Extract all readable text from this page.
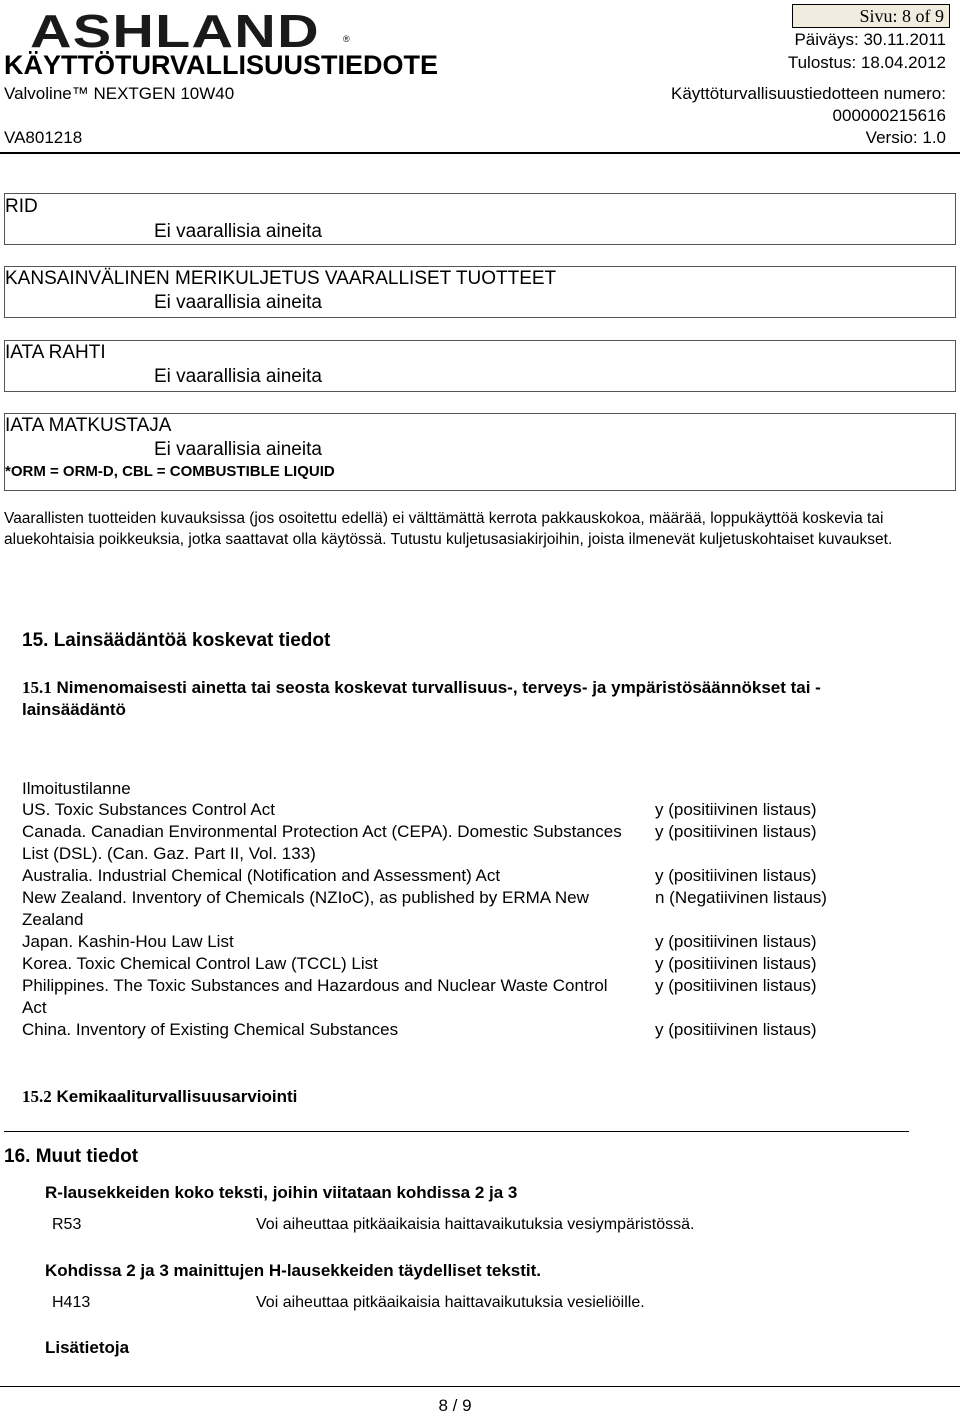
ASHLAND	®
Sivu: 8 of 9
Päiväys: 30.11.2011
KÄYTTÖTURVALLISUUSTIEDOTE	Tulostus: 18.04.2012
Valvoline™ NEXTGEN 10W40	Käyttöturvallisuustiedotteen numero:
000000215616
VA801218	Versio: 1.0
RID
Ei vaarallisia aineita
KANSAINVÄLINEN MERIKULJETUS VAARALLISET TUOTTEET
Ei vaarallisia aineita
IATA RAHTI
Ei vaarallisia aineita
IATA MATKUSTAJA
Ei vaarallisia aineita
*ORM = ORM-D, CBL = COMBUSTIBLE LIQUID
Vaarallisten tuotteiden kuvauksissa (jos osoitettu edellä) ei välttämättä kerrota pakkauskokoa, määrää, loppukäyttöä koskevia tai aluekohtaisia poikkeuksia, jotka saattavat olla käytössä. Tutustu kuljetusasiakirjoihin, joista ilmenevät kuljetuskohtaiset kuvaukset.
15. Lainsäädäntöä koskevat tiedot
15.1 Nimenomaisesti ainetta tai seosta koskevat turvallisuus-, terveys- ja ympäristösäännökset tai -lainsäädäntö
Ilmoitustilanne
US. Toxic Substances Control Act	y (positiivinen listaus)
Canada. Canadian Environmental Protection Act (CEPA). Domestic Substances List (DSL). (Can. Gaz. Part II, Vol. 133)
y (positiivinen listaus)
Australia. Industrial Chemical (Notification and Assessment) Act	y (positiivinen listaus)
New Zealand. Inventory of Chemicals (NZIoC), as published by ERMA New Zealand
n (Negatiivinen listaus)
Japan. Kashin-Hou Law List	y (positiivinen listaus)
Korea. Toxic Chemical Control Law (TCCL) List	y (positiivinen listaus)
Philippines. The Toxic Substances and Hazardous and Nuclear Waste Control Act
y (positiivinen listaus)
China. Inventory of Existing Chemical Substances	y (positiivinen listaus)
15.2 Kemikaaliturvallisuusarviointi
16. Muut tiedot
R-lausekkeiden koko teksti, joihin viitataan kohdissa 2 ja 3
R53	Voi aiheuttaa pitkäaikaisia haittavaikutuksia vesiympäristössä.
Kohdissa 2 ja 3 mainittujen H-lausekkeiden täydelliset tekstit.
H413	Voi aiheuttaa pitkäaikaisia haittavaikutuksia vesieliöille.
Lisätietoja
8 / 9
